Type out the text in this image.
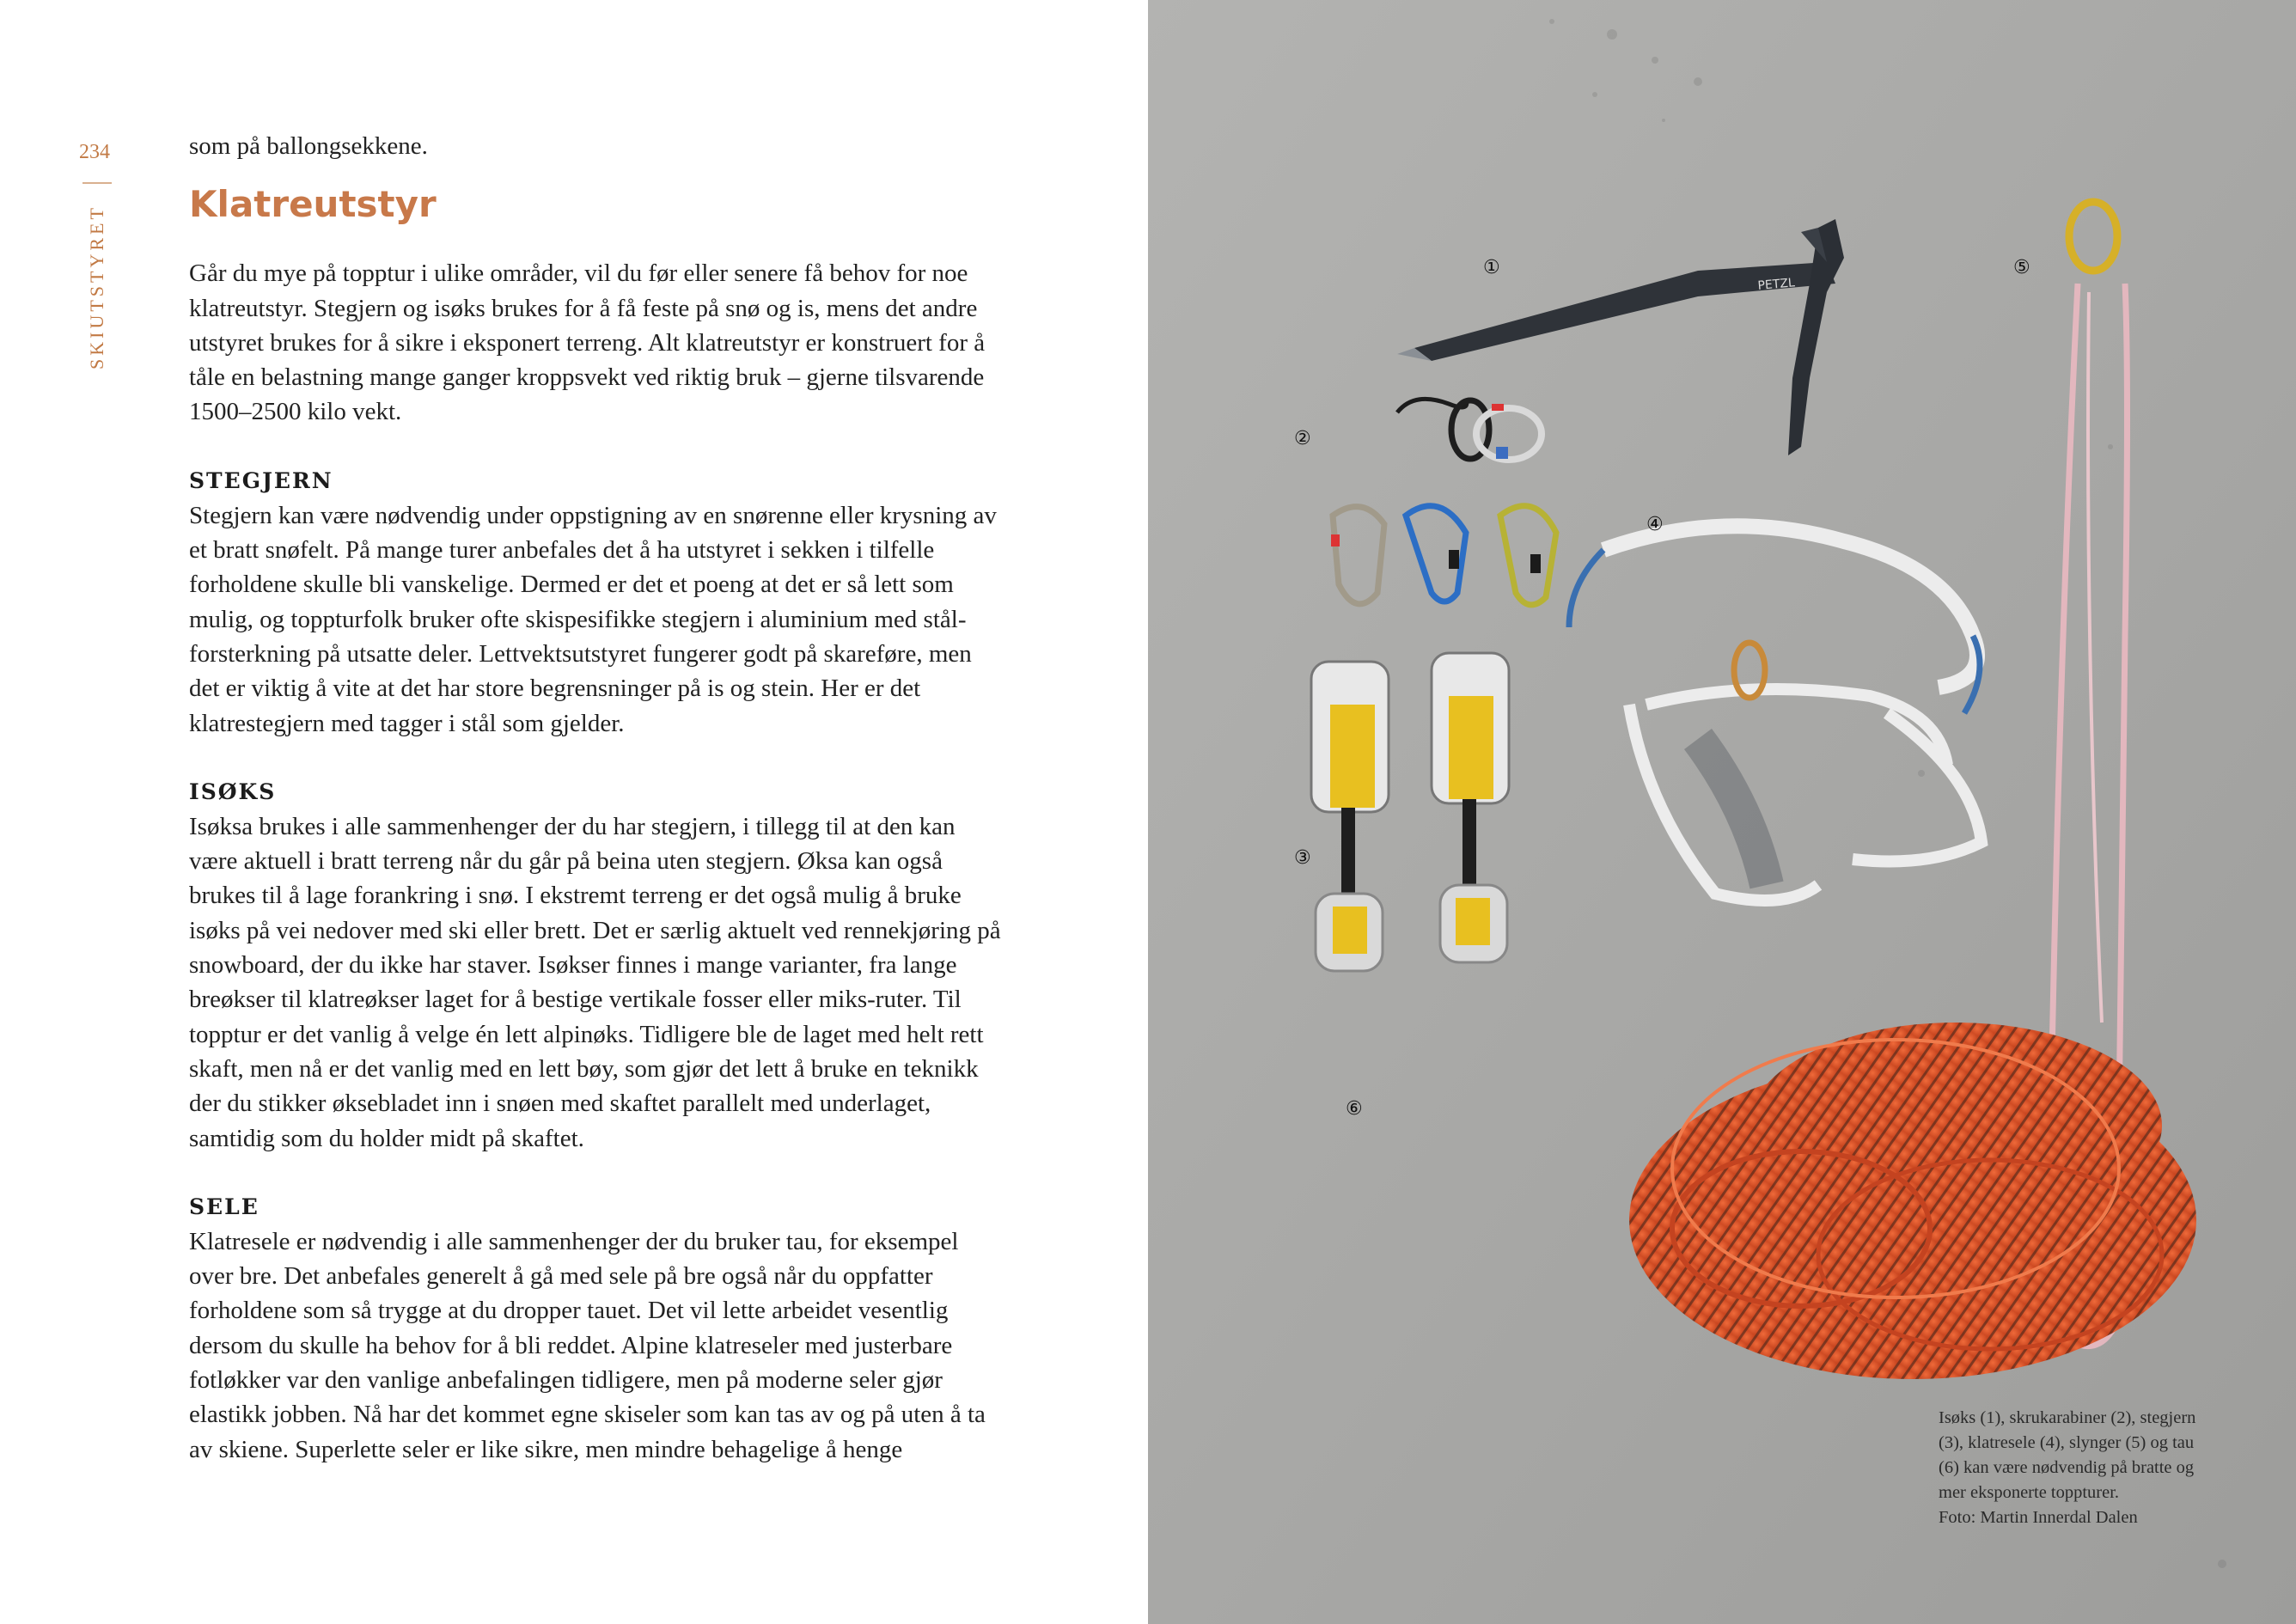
234
SKIUTSTYRET

som på ballongsekkene.

Klatreutstyr

Går du mye på topptur i ulike områder, vil du før eller senere få behov for noe klatreutstyr. Stegjern og isøks brukes for å få feste på snø og is, mens det andre utstyret brukes for å sikre i eksponert terreng. Alt klatreutstyr er konstruert for å tåle en belastning mange ganger kroppsvekt ved riktig bruk – gjerne tilsvarende 1500–2500 kilo vekt.

STEGJERN

Stegjern kan være nødvendig under oppstigning av en snørenne eller krysning av et bratt snøfelt. På mange turer anbefales det å ha utstyret i sekken i tilfelle forholdene skulle bli vanskelige. Dermed er det et poeng at det er så lett som mulig, og toppturfolk bruker ofte skispesifikke stegjern i aluminium med stål-forsterkning på utsatte deler. Lettvektsutstyret fungerer godt på skareføre, men det er viktig å vite at det har store begrensninger på is og stein. Her er det klatrestegjern med tagger i stål som gjelder.

ISØKS

Isøksa brukes i alle sammenhenger der du har stegjern, i tillegg til at den kan være aktuell i bratt terreng når du går på beina uten stegjern. Øksa kan også brukes til å lage forankring i snø. I ekstremt terreng er det også mulig å bruke isøks på vei nedover med ski eller brett. Det er særlig aktuelt ved rennekjøring på snowboard, der du ikke har staver. Isøkser finnes i mange varianter, fra lange breøkser til klatreøkser laget for å bestige vertikale fosser eller miks-ruter. Til topptur er det vanlig å velge én lett alpinøks. Tidligere ble de laget med helt rett skaft, men nå er det vanlig med en lett bøy, som gjør det lett å bruke en teknikk der du stikker øksebladet inn i snøen med skaftet parallelt med underlaget, samtidig som du holder midt på skaftet.

SELE

Klatresele er nødvendig i alle sammenhenger der du bruker tau, for eksempel over bre. Det anbefales generelt å gå med sele på bre også når du oppfatter forholdene som så trygge at du dropper tauet. Det vil lette arbeidet vesentlig dersom du skulle ha behov for å bli reddet. Alpine klatreseler med justerbare fotløkker var den vanlige anbefalingen tidligere, men på moderne seler gjør elastikk jobben. Nå har det kommet egne skiseler som kan tas av og på uten å ta av skiene. Superlette seler er like sikre, men mindre behagelige å henge

PETZL
①
②
③
④
⑤
⑥

Isøks (1), skrukarabiner (2), stegjern

(3), klatresele (4), slynger (5) og tau

(6) kan være nødvendig på bratte og

mer eksponerte toppturer.

Foto: Martin Innerdal Dalen
